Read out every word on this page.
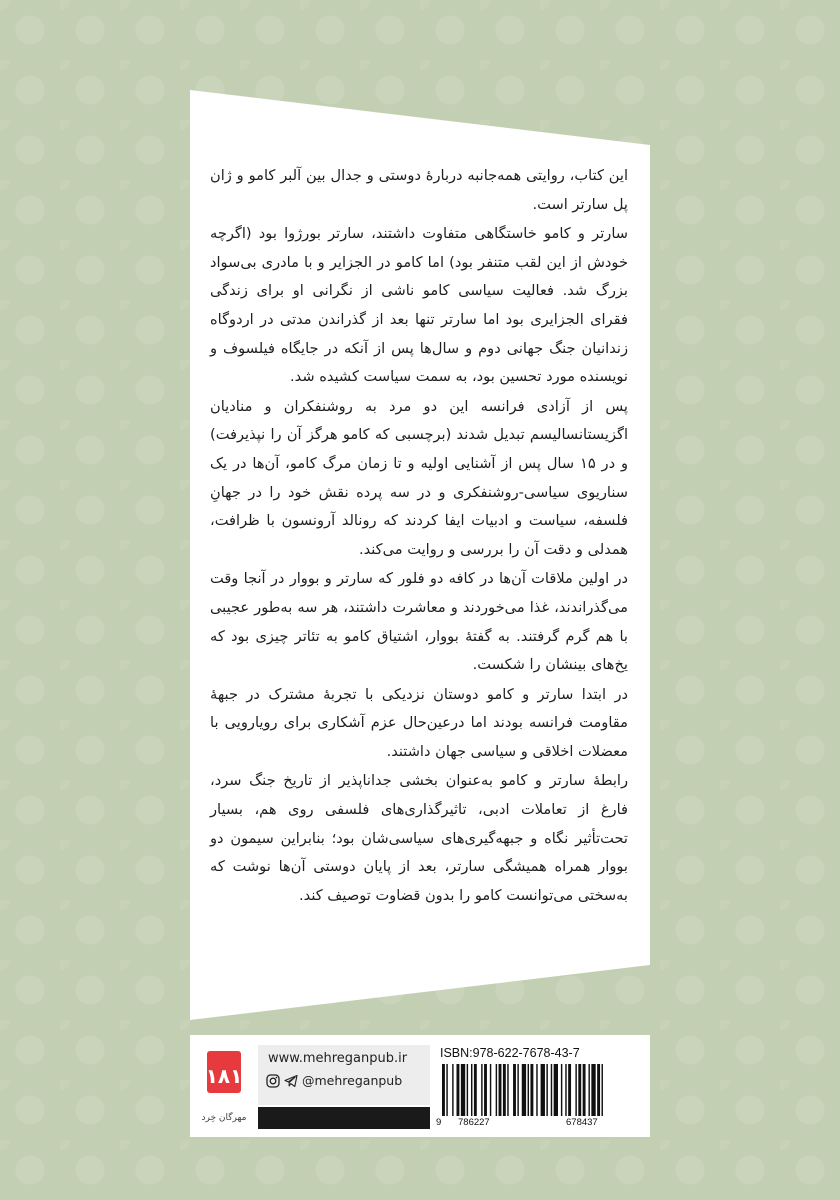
این کتاب، روایتی همه‌جانبه دربارۀ دوستی و جدال بین آلبر کامو و ژان پل سارتر است.

سارتر و کامو خاستگاهی متفاوت داشتند، سارتر بورژوا بود (اگرچه خودش از این لقب متنفر بود) اما کامو در الجزایر و با مادری بی‌سواد بزرگ شد. فعالیت سیاسی کامو ناشی از نگرانی او برای زندگی فقرای الجزایری بود اما سارتر تنها بعد از گذراندن مدتی در اردوگاه زندانیان جنگ جهانی دوم و سال‌ها پس از آنکه در جایگاه فیلسوف و نویسنده مورد تحسین بود، به سمت سیاست کشیده شد.

پس از آزادی فرانسه این دو مرد به روشنفکران و منادیان اگزیستانسالیسم تبدیل شدند (برچسبی که کامو هرگز آن را نپذیرفت) و در ۱۵ سال پس از آشنایی اولیه و تا زمان مرگ کامو، آن‌ها در یک سناریوی سیاسی-روشنفکری و در سه پرده نقش خود را در جهانِ فلسفه، سیاست و ادبیات ایفا کردند که رونالد آرونسون با ظرافت، همدلی و دقت آن را بررسی و روایت می‌کند.

در اولین ملاقات آن‌ها در کافه دو فلور که سارتر و بووار در آنجا وقت می‌گذراندند، غذا می‌خوردند و معاشرت داشتند، هر سه به‌طور عجیبی با هم گرم گرفتند. به گفتۀ بووار، اشتیاق کامو به تئاتر چیزی بود که یخ‌های بینشان را شکست.

در ابتدا سارتر و کامو دوستان نزدیکی با تجربۀ مشترک در جبهۀ مقاومت فرانسه بودند اما درعین‌حال عزم آشکاری برای رویارویی با معضلات اخلاقی و سیاسی جهان داشتند.

رابطۀ سارتر و کامو به‌عنوان بخشی جداناپذیر از تاریخ جنگ سرد، فارغ از تعاملات ادبی، تاثیرگذاری‌های فلسفی روی هم، بسیار تحت‌تأثیر نگاه و جبهه‌گیری‌های سیاسی‌شان بود؛ بنابراین سیمون دو بووار همراه همیشگی سارتر، بعد از پایان دوستی آن‌ها نوشت که به‌سختی می‌توانست کامو را بدون قضاوت توصیف کند.

۱۸۱
مهرگان خِرد
www.mehreganpub.ir
@mehreganpub
ISBN:978-622-7678-43-7
9 786227	678437
